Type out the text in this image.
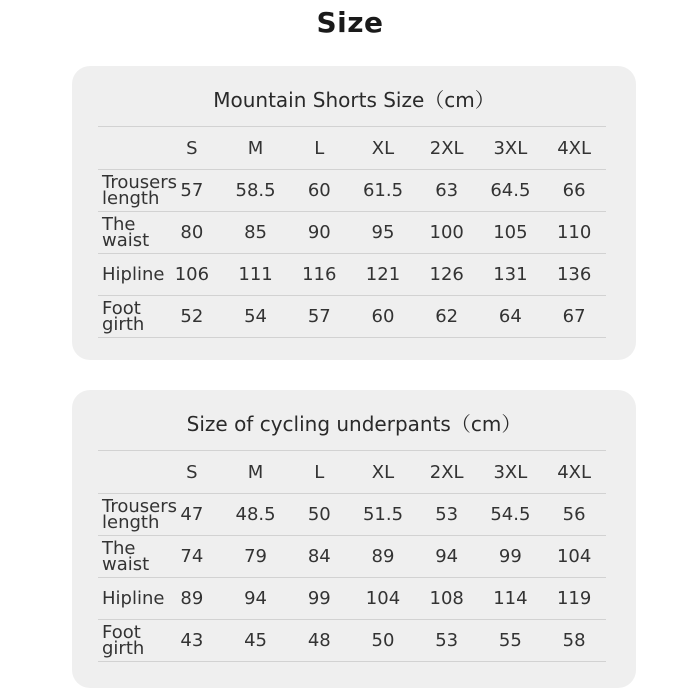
Size
Mountain Shorts Size（cm）
	S	M	L	XL	2XL	3XL	4XL

Trousers
length	57	58.5	60	61.5	63	64.5	66

The
waist	80	85	90	95	100	105	110

Hipline	106	111	116	121	126	131	136

Foot
girth	52	54	57	60	62	64	67
Size of cycling underpants（cm）
	S	M	L	XL	2XL	3XL	4XL

Trousers
length	47	48.5	50	51.5	53	54.5	56

The
waist	74	79	84	89	94	99	104

Hipline	89	94	99	104	108	114	119

Foot
girth	43	45	48	50	53	55	58
